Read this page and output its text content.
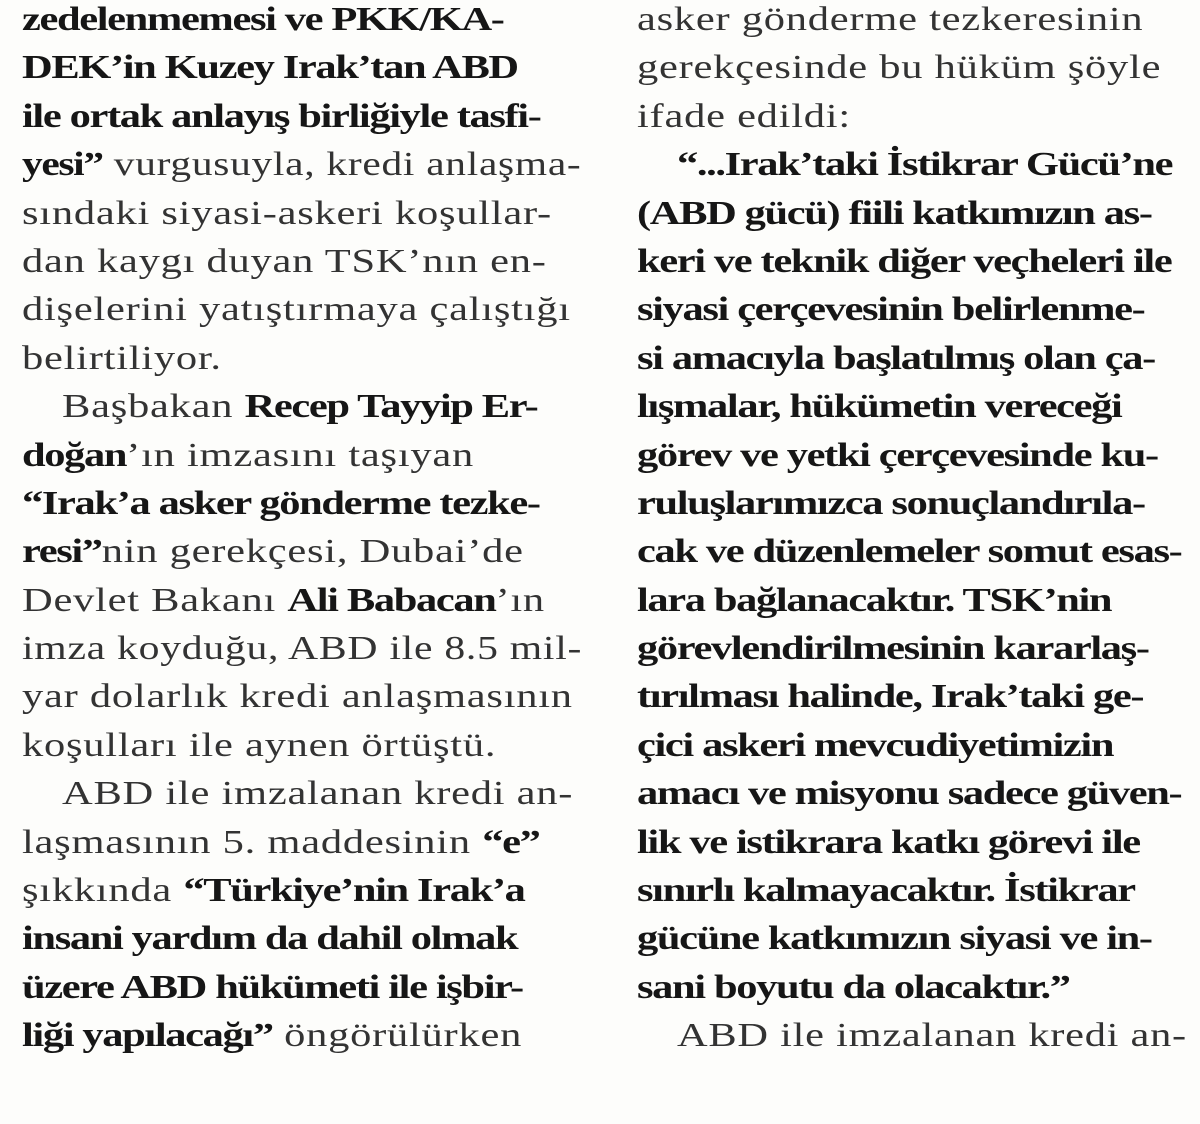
zedelenmemesi ve PKK/KA-
DEK’in Kuzey Irak’tan ABD
ile ortak anlayış birliğiyle tasfi-
yesi” vurgusuyla, kredi anlaşma-
sındaki siyasi-askeri koşullar-
dan kaygı duyan TSK’nın en-
dişelerini yatıştırmaya çalıştığı
belirtiliyor.
Başbakan Recep Tayyip Er-
doğan’ın imzasını taşıyan
“Irak’a asker gönderme tezke-
resi”nin gerekçesi, Dubai’de
Devlet Bakanı Ali Babacan’ın
imza koyduğu, ABD ile 8.5 mil-
yar dolarlık kredi anlaşmasının
koşulları ile aynen örtüştü.
ABD ile imzalanan kredi an-
laşmasının 5. maddesinin “e”
şıkkında “Türkiye’nin Irak’a
insani yardım da dahil olmak
üzere ABD hükümeti ile işbir-
liği yapılacağı” öngörülürken
asker gönderme tezkeresinin
gerekçesinde bu hüküm şöyle
ifade edildi:
“...Irak’taki İstikrar Gücü’ne
(ABD gücü) fiili katkımızın as-
keri ve teknik diğer veçheleri ile
siyasi çerçevesinin belirlenme-
si amacıyla başlatılmış olan ça-
lışmalar, hükümetin vereceği
görev ve yetki çerçevesinde ku-
ruluşlarımızca sonuçlandırıla-
cak ve düzenlemeler somut esas-
lara bağlanacaktır. TSK’nin
görevlendirilmesinin kararlaş-
tırılması halinde, Irak’taki ge-
çici askeri mevcudiyetimizin
amacı ve misyonu sadece güven-
lik ve istikrara katkı görevi ile
sınırlı kalmayacaktır. İstikrar
gücüne katkımızın siyasi ve in-
sani boyutu da olacaktır.”
ABD ile imzalanan kredi an-
